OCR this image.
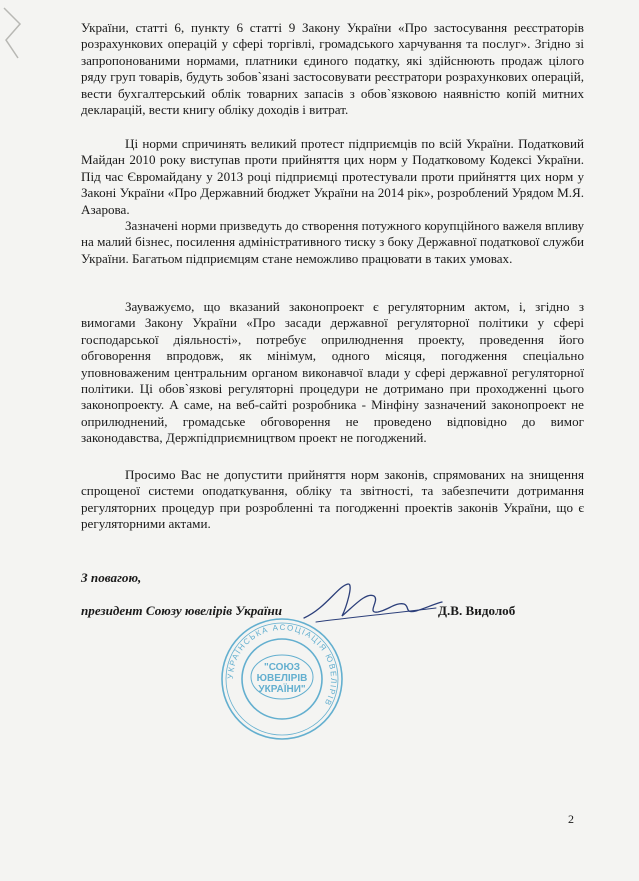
України, статті 6, пункту 6 статті 9 Закону України «Про застосування реєстраторів розрахункових операцій у сфері торгівлі, громадського харчування та послуг». Згідно зі запропонованими нормами, платники єдиного податку, які здійснюють продаж цілого ряду груп товарів, будуть зобов`язані застосовувати реєстратори розрахункових операцій, вести бухгалтерський облік товарних запасів з обов`язковою наявністю копій митних декларацій, вести книгу обліку доходів і витрат.

Ці норми спричинять великий протест підприємців по всій України. Податковий Майдан 2010 року виступав проти прийняття цих норм у Податковому Кодексі України. Під час Євромайдану у 2013 році підприємці протестували проти прийняття цих норм у Законі України «Про Державний бюджет України на 2014 рік», розроблений Урядом М.Я. Азарова.

Зазначені норми призведуть до створення потужного корупційного важеля впливу на малий бізнес, посилення адміністративного тиску з боку Державної податкової служби України. Багатьом підприємцям стане неможливо працювати в таких умовах.

Зауважуємо, що вказаний законопроект є регуляторним актом, і, згідно з вимогами Закону України «Про засади державної регуляторної політики у сфері господарської діяльності», потребує оприлюднення проекту, проведення його обговорення впродовж, як мінімум, одного місяця, погодження спеціально уповноваженим центральним органом виконавчої влади у сфері державної регуляторної політики. Ці обов`язкові регуляторні процедури не дотримано при проходженні цього законопроекту. А саме, на веб-сайті розробника - Мінфіну зазначений законопроект не оприлюднений, громадське обговорення не проведено відповідно до вимог законодавства, Держпідприємництвом проект не погоджений.

Просимо Вас не допустити прийняття норм законів, спрямованих на знищення спрощеної системи оподаткування, обліку та звітності, та забезпечити дотримання регуляторних процедур при розробленні та погодженні проектів законів України, що є регуляторними актами.

З повагою,
президент Союзу ювелірів України	Д.В. Видолоб
УКРАЇНСЬКА АСОЦІАЦІЯ ЮВЕЛІРІВ
"СОЮЗ
ЮВЕЛІРІВ
УКРАЇНИ"
2
